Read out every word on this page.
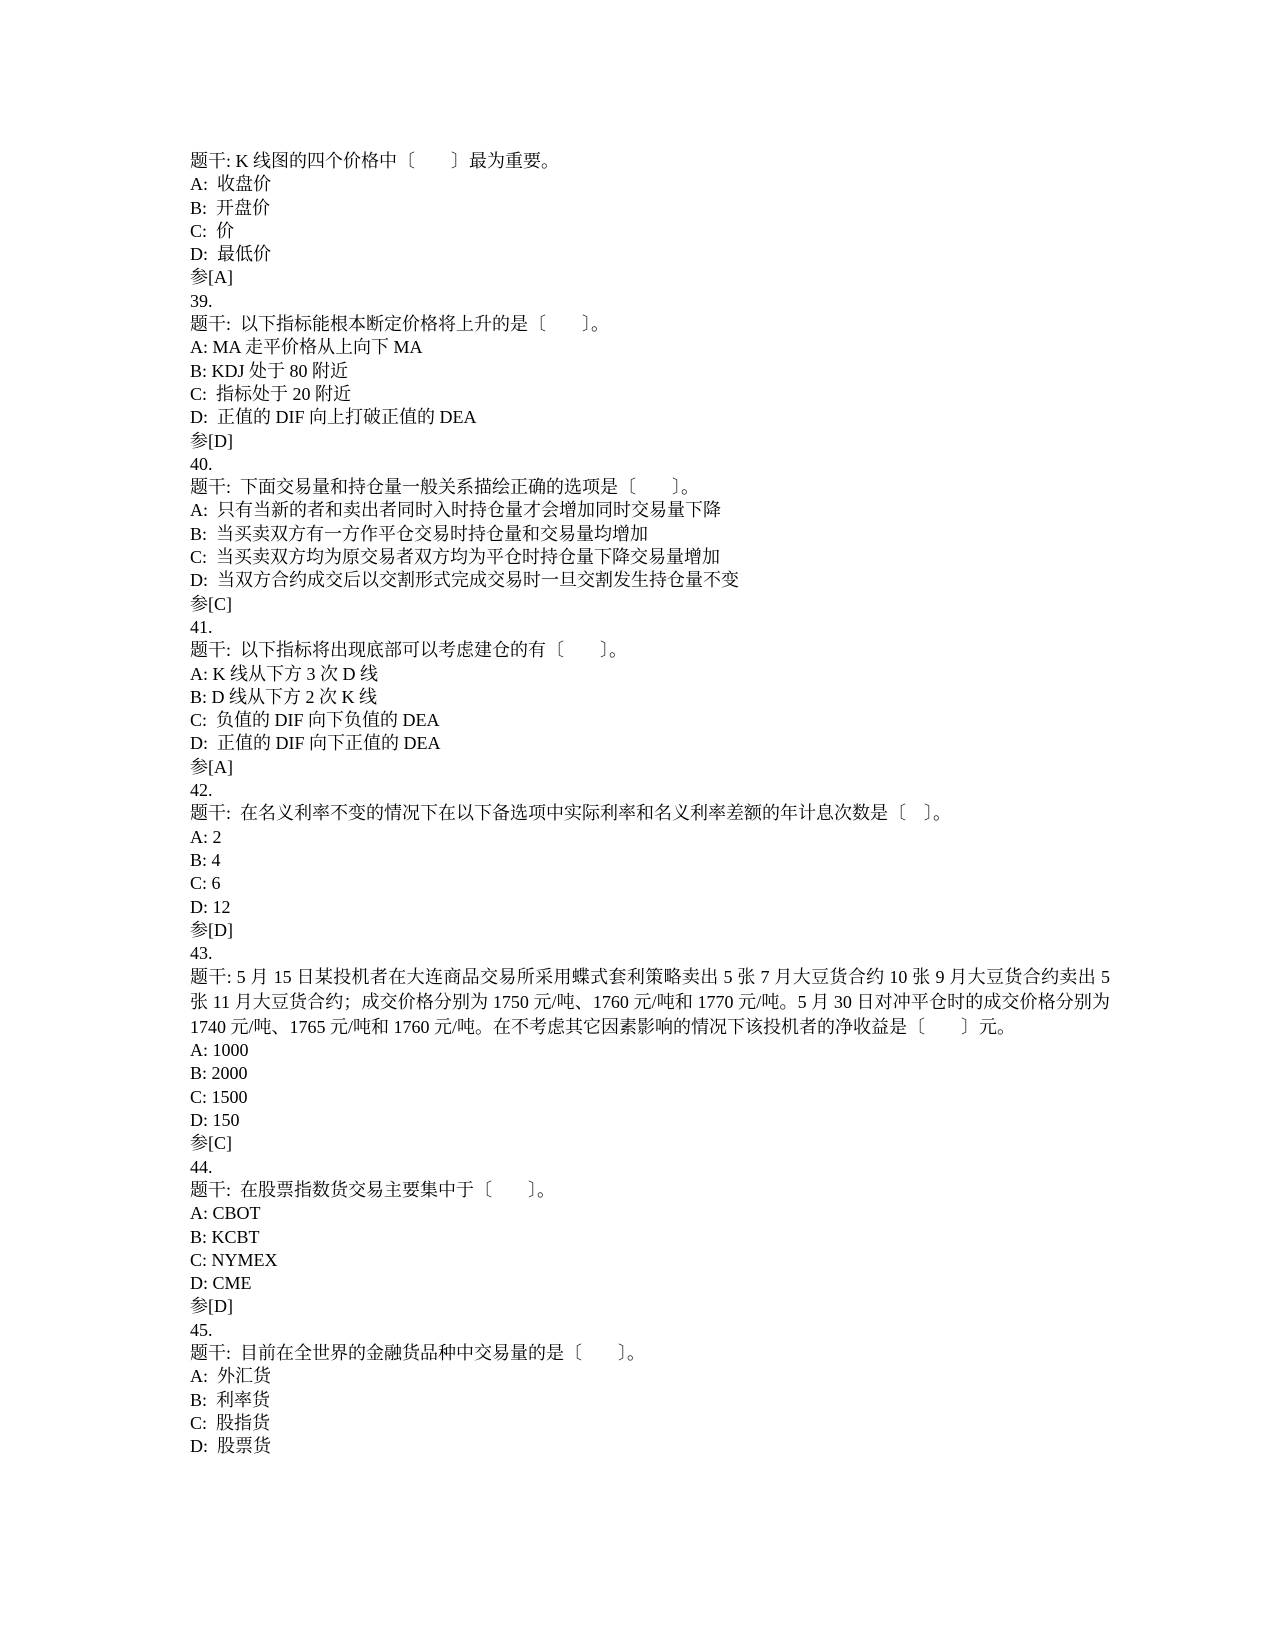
题干: K 线图的四个价格中〔　　〕最为重要。
A:  收盘价
B:  开盘价
C:  价
D:  最低价
参[A]
39.
题干:  以下指标能根本断定价格将上升的是〔　　〕。
A: MA 走平价格从上向下 MA
B: KDJ 处于 80 附近
C:  指标处于 20 附近
D:  正值的 DIF 向上打破正值的 DEA
参[D]
40.
题干:  下面交易量和持仓量一般关系描绘正确的选项是〔　　〕。
A:  只有当新的者和卖出者同时入时持仓量才会增加同时交易量下降
B:  当买卖双方有一方作平仓交易时持仓量和交易量均增加
C:  当买卖双方均为原交易者双方均为平仓时持仓量下降交易量增加
D:  当双方合约成交后以交割形式完成交易时一旦交割发生持仓量不变
参[C]
41.
题干:  以下指标将出现底部可以考虑建仓的有〔　　〕。
A: K 线从下方 3 次 D 线
B: D 线从下方 2 次 K 线
C:  负值的 DIF 向下负值的 DEA
D:  正值的 DIF 向下正值的 DEA
参[A]
42.
题干:  在名义利率不变的情况下在以下备选项中实际利率和名义利率差额的年计息次数是〔　〕。
A: 2
B: 4
C: 6
D: 12
参[D]
43.
题干: 5 月 15 日某投机者在大连商品交易所采用蝶式套利策略卖出 5 张 7 月大豆货合约 10 张 9 月大豆货合约卖出 5 张 11 月大豆货合约；成交价格分别为 1750 元/吨、1760 元/吨和 1770 元/吨。5 月 30 日对冲平仓时的成交价格分别为 1740 元/吨、1765 元/吨和 1760 元/吨。在不考虑其它因素影响的情况下该投机者的净收益是〔　　〕元。
A: 1000
B: 2000
C: 1500
D: 150
参[C]
44.
题干:  在股票指数货交易主要集中于〔　　〕。
A: CBOT
B: KCBT
C: NYMEX
D: CME
参[D]
45.
题干:  目前在全世界的金融货品种中交易量的是〔　　〕。
A:  外汇货
B:  利率货
C:  股指货
D:  股票货
